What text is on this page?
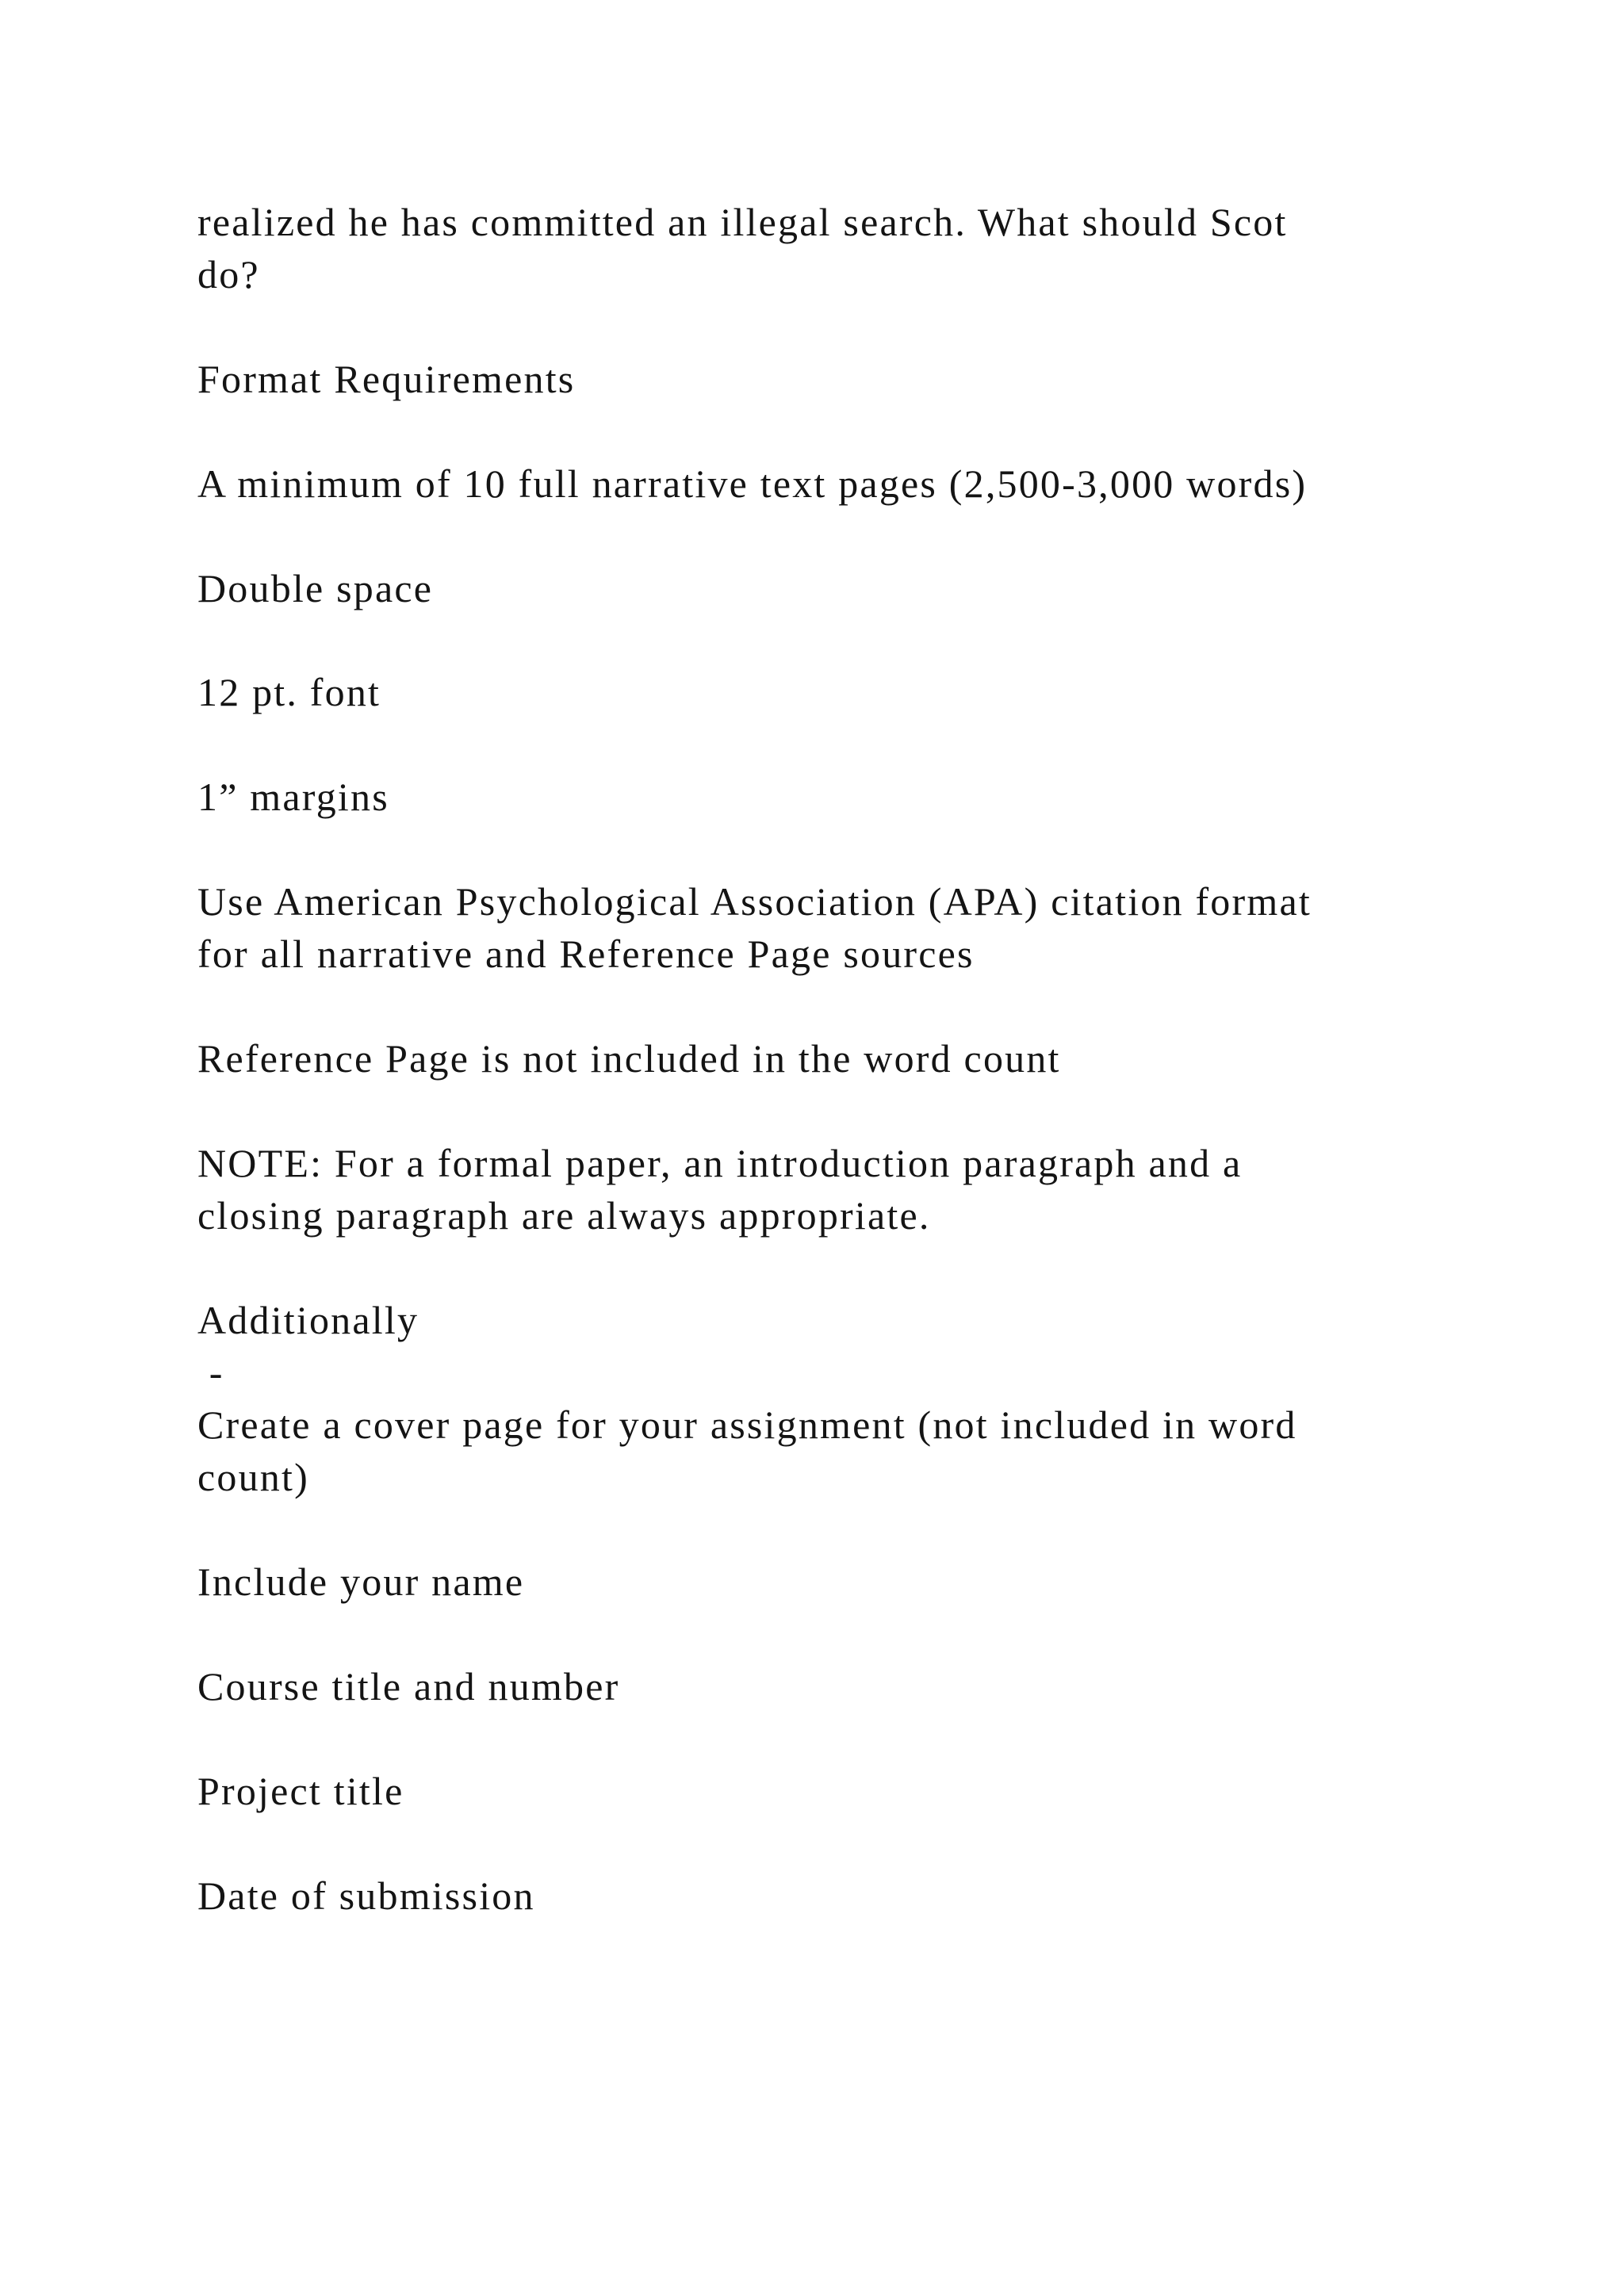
realized he has committed an illegal search. What should Scot

do?

Format Requirements

A minimum of 10 full narrative text pages (2,500-3,000 words)

Double space

12 pt. font

1” margins

Use American Psychological Association (APA) citation format

for all narrative and Reference Page sources

Reference Page is not included in the word count

NOTE: For a formal paper, an introduction paragraph and a

closing paragraph are always appropriate.

Additionally

-

Create a cover page for your assignment (not included in word

count)

Include your name

Course title and number

Project title

Date of submission
